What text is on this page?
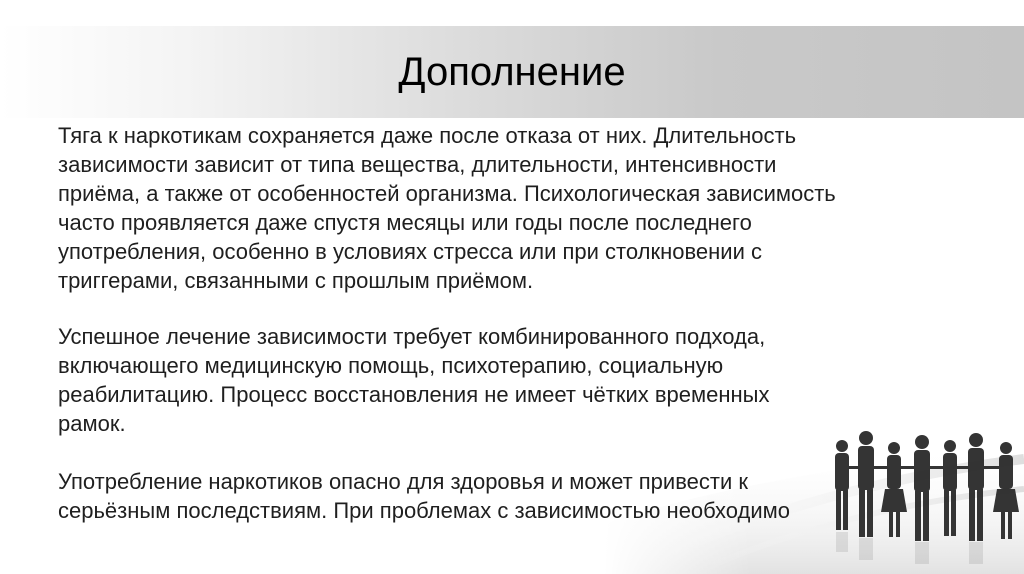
Дополнение

Тяга к наркотикам сохраняется даже после отказа от них. Длительность
зависимости зависит от типа вещества, длительности, интенсивности
приёма, а также от особенностей организма. Психологическая зависимость
часто проявляется даже спустя месяцы или годы после последнего
употребления, особенно в условиях стресса или при столкновении с
триггерами, связанными с прошлым приёмом.

Успешное лечение зависимости требует комбинированного подхода,
включающего медицинскую помощь, психотерапию, социальную
реабилитацию. Процесс восстановления не имеет чётких временных
рамок.

Употребление наркотиков опасно для здоровья и может привести к
серьёзным последствиям. При проблемах с зависимостью необходимо
